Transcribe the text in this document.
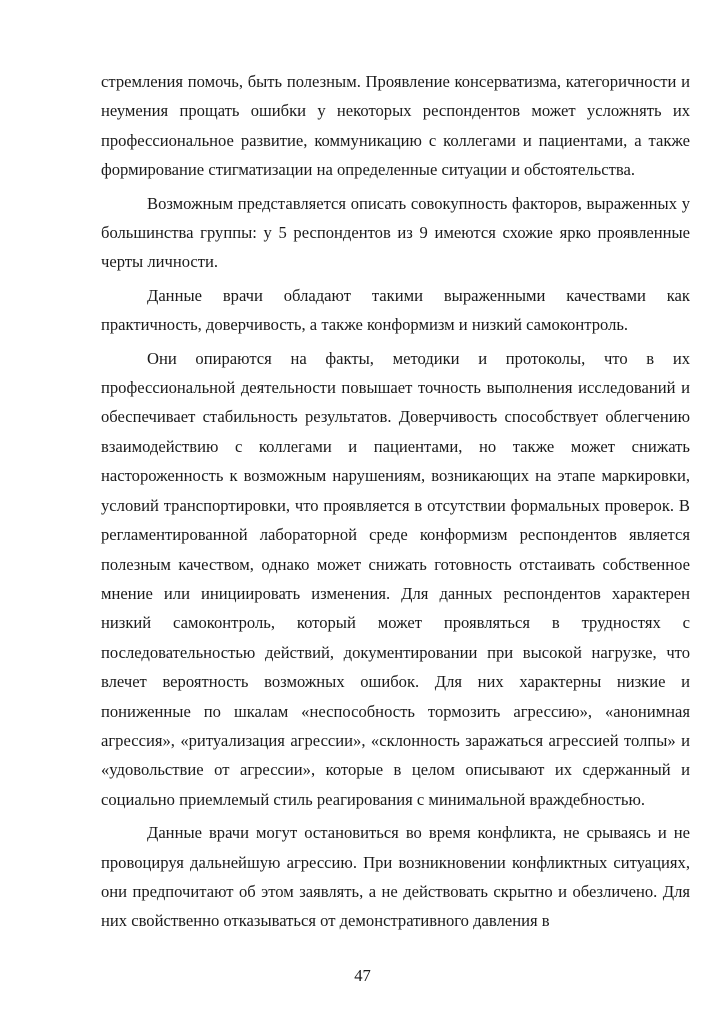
стремления помочь, быть полезным. Проявление консерватизма, категоричности и неумения прощать ошибки у некоторых респондентов может усложнять их профессиональное развитие, коммуникацию с коллегами и пациентами, а также формирование стигматизации на определенные ситуации и обстоятельства.

Возможным представляется описать совокупность факторов, выраженных у большинства группы: у 5 респондентов из 9 имеются схожие ярко проявленные черты личности.

Данные врачи обладают такими выраженными качествами как практичность, доверчивость, а также конформизм и низкий самоконтроль.

Они опираются на факты, методики и протоколы, что в их профессиональной деятельности повышает точность выполнения исследований и обеспечивает стабильность результатов. Доверчивость способствует облегчению взаимодействию с коллегами и пациентами, но также может снижать настороженность к возможным нарушениям, возникающих на этапе маркировки, условий транспортировки, что проявляется в отсутствии формальных проверок. В регламентированной лабораторной среде конформизм респондентов является полезным качеством, однако может снижать готовность отстаивать собственное мнение или инициировать изменения. Для данных респондентов характерен низкий самоконтроль, который может проявляться в трудностях с последовательностью действий, документировании при высокой нагрузке, что влечет вероятность возможных ошибок. Для них характерны низкие и пониженные по шкалам «неспособность тормозить агрессию», «анонимная агрессия», «ритуализация агрессии», «склонность заражаться агрессией толпы» и «удовольствие от агрессии», которые в целом описывают их сдержанный и социально приемлемый стиль реагирования с минимальной враждебностью.

Данные врачи могут остановиться во время конфликта, не срываясь и не провоцируя дальнейшую агрессию. При возникновении конфликтных ситуациях, они предпочитают об этом заявлять, а не действовать скрытно и обезличено. Для них свойственно отказываться от демонстративного давления в

47
